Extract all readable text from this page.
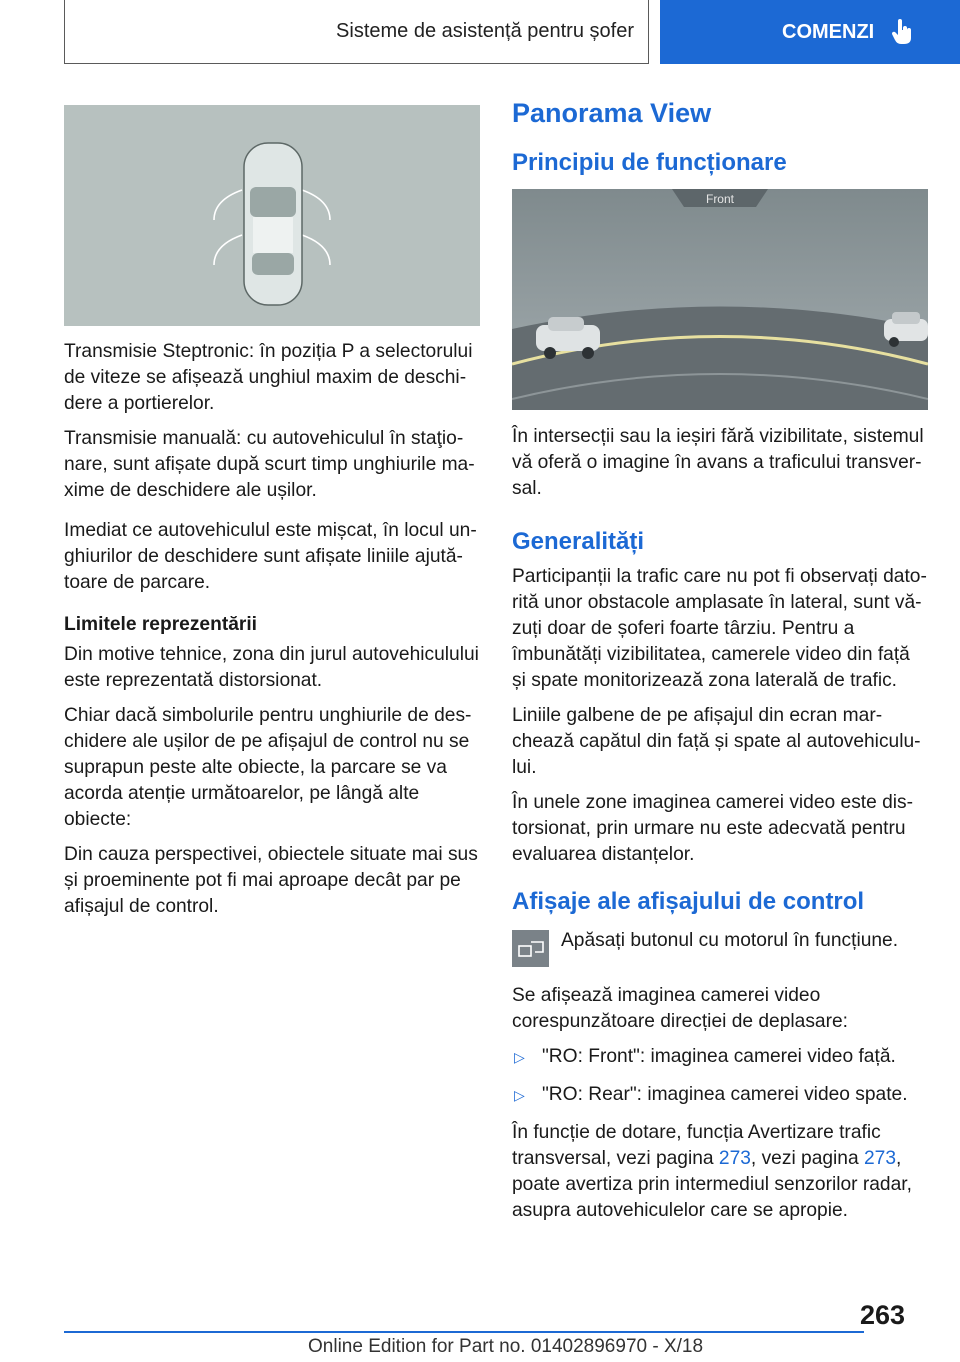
Sisteme de asistență pentru șofer	COMENZI

Transmisie Steptronic: în poziția P a selectorului de viteze se afișează unghiul maxim de deschidere a portierelor.

Transmisie manuală: cu autovehiculul în staţionare, sunt afișate după scurt timp unghiurile maxime de deschidere ale ușilor.

Imediat ce autovehiculul este mișcat, în locul unghiurilor de deschidere sunt afișate liniile ajutătoare de parcare.

Limitele reprezentării

Din motive tehnice, zona din jurul autovehiculului este reprezentată distorsionat.

Chiar dacă simbolurile pentru unghiurile de deschidere ale ușilor de pe afișajul de control nu se suprapun peste alte obiecte, la parcare se va acorda atenție următoarelor, pe lângă alte obiecte:

Din cauza perspectivei, obiectele situate mai sus și proeminente pot fi mai aproape decât par pe afișajul de control.

Panorama View
Principiu de funcționare
Front

În intersecții sau la ieșiri fără vizibilitate, sistemul vă oferă o imagine în avans a traficului transversal.

Generalități

Participanții la trafic care nu pot fi observați datorită unor obstacole amplasate în lateral, sunt văzuți doar de șoferi foarte târziu. Pentru a îmbunătăți vizibilitatea, camerele video din față și spate monitorizează zona laterală de trafic.

Liniile galbene de pe afișajul din ecran marchează capătul din față și spate al autovehiculului.

În unele zone imaginea camerei video este distorsionat, prin urmare nu este adecvată pentru evaluarea distanțelor.

Afișaje ale afișajului de control

Apăsați butonul cu motorul în funcțiune.

Se afișează imaginea camerei video corespunzătoare direcției de deplasare:

▷ "RO: Front": imaginea camerei video față.
▷ "RO: Rear": imaginea camerei video spate.

În funcție de dotare, funcția Avertizare trafic transversal, vezi pagina 273, vezi pagina 273, poate avertiza prin intermediul senzorilor radar, asupra autovehiculelor care se apropie.

263
Online Edition for Part no. 01402896970 - X/18
